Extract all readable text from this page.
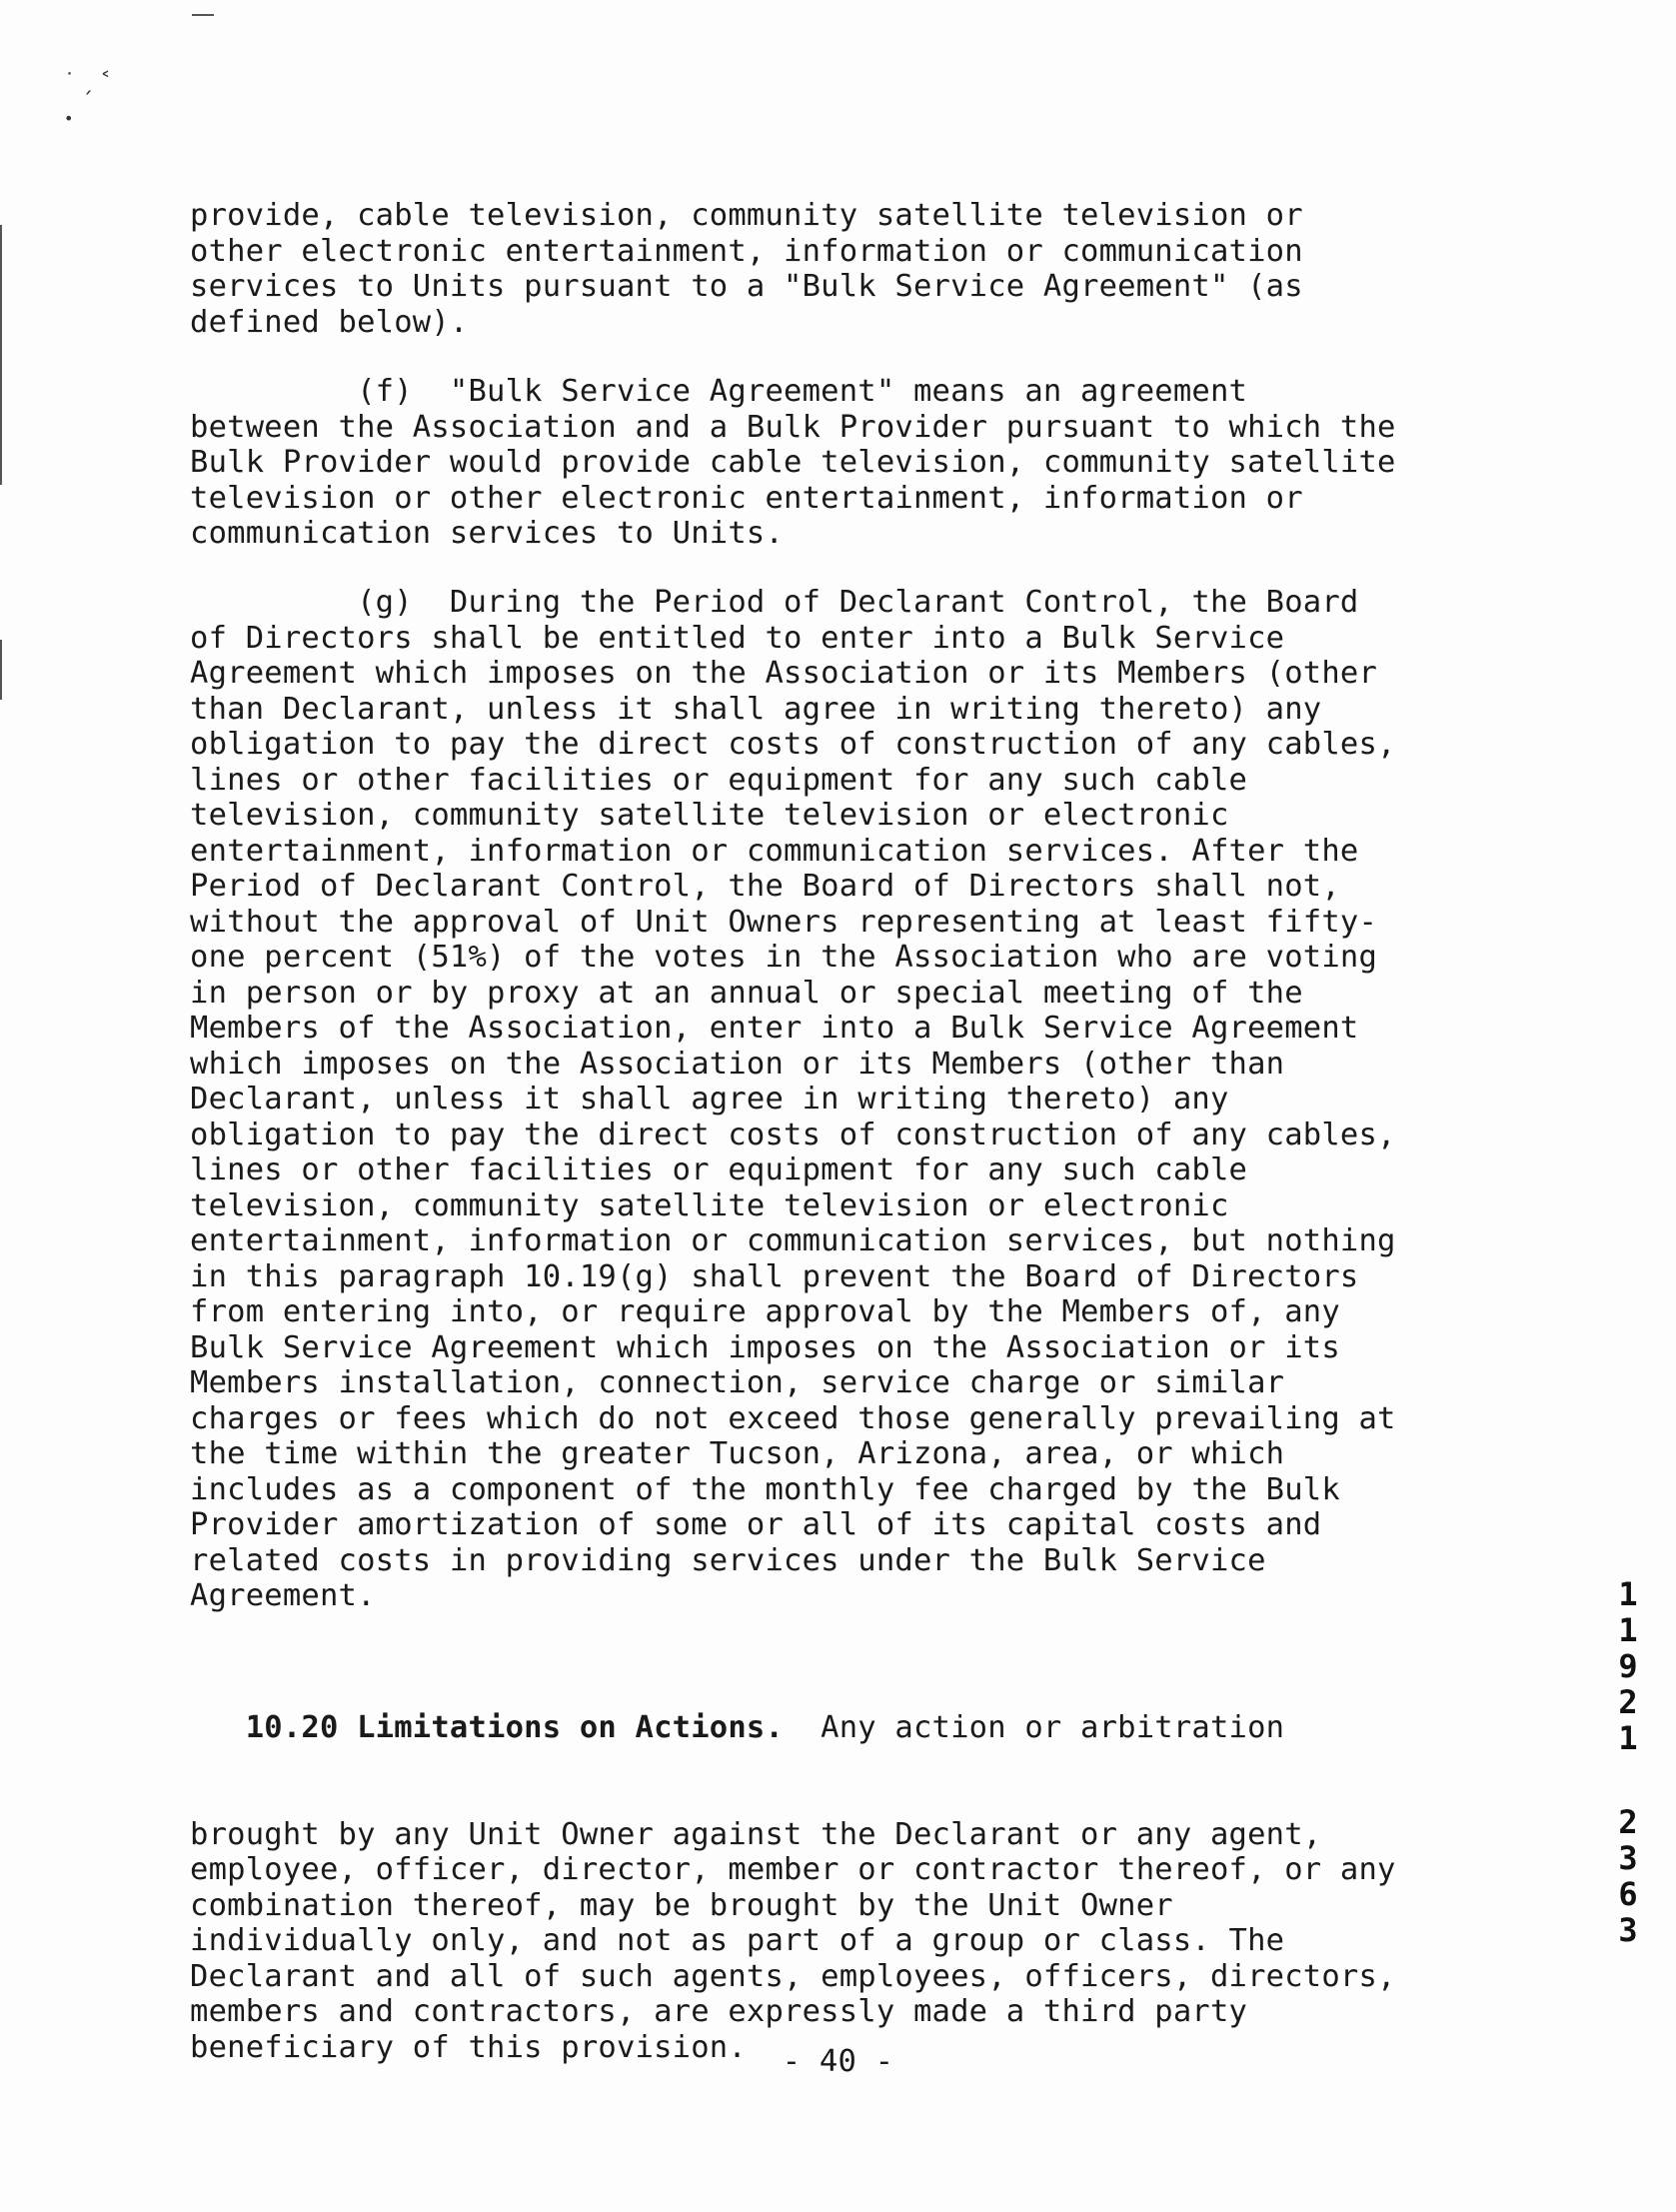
˙ ˏ ˂
•
provide, cable television, community satellite television or
other electronic entertainment, information or communication
services to Units pursuant to a "Bulk Service Agreement" (as
defined below).
(f)  "Bulk Service Agreement" means an agreement
between the Association and a Bulk Provider pursuant to which the
Bulk Provider would provide cable television, community satellite
television or other electronic entertainment, information or
communication services to Units.
(g)  During the Period of Declarant Control, the Board
of Directors shall be entitled to enter into a Bulk Service
Agreement which imposes on the Association or its Members (other
than Declarant, unless it shall agree in writing thereto) any
obligation to pay the direct costs of construction of any cables,
lines or other facilities or equipment for any such cable
television, community satellite television or electronic
entertainment, information or communication services. After the
Period of Declarant Control, the Board of Directors shall not,
without the approval of Unit Owners representing at least fifty-
one percent (51%) of the votes in the Association who are voting
in person or by proxy at an annual or special meeting of the
Members of the Association, enter into a Bulk Service Agreement
which imposes on the Association or its Members (other than
Declarant, unless it shall agree in writing thereto) any
obligation to pay the direct costs of construction of any cables,
lines or other facilities or equipment for any such cable
television, community satellite television or electronic
entertainment, information or communication services, but nothing
in this paragraph 10.19(g) shall prevent the Board of Directors
from entering into, or require approval by the Members of, any
Bulk Service Agreement which imposes on the Association or its
Members installation, connection, service charge or similar
charges or fees which do not exceed those generally prevailing at
the time within the greater Tucson, Arizona, area, or which
includes as a component of the monthly fee charged by the Bulk
Provider amortization of some or all of its capital costs and
related costs in providing services under the Bulk Service
Agreement.

10.20 Limitations on Actions.  Any action or arbitration

brought by any Unit Owner against the Declarant or any agent,
employee, officer, director, member or contractor thereof, or any
combination thereof, may be brought by the Unit Owner
individually only, and not as part of a group or class. The
Declarant and all of such agents, employees, officers, directors,
members and contractors, are expressly made a third party
beneficiary of this provision.

	- 40 -
1
1
9
2
1
2
3
6
3
